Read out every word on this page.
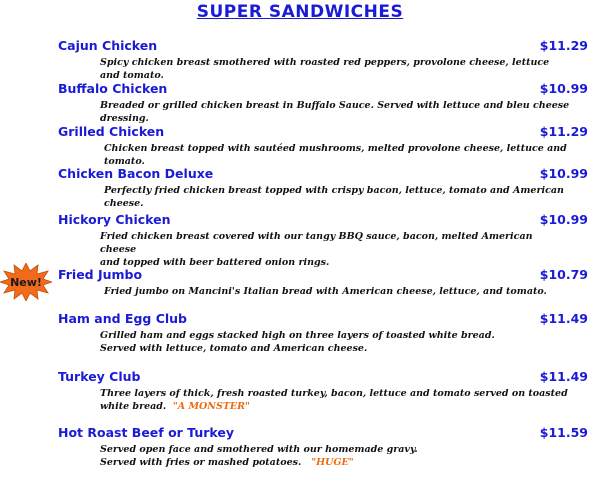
SUPER SANDWICHES
Cajun Chicken	$11.29
Spicy chicken breast smothered with roasted red peppers, provolone cheese, lettuce and tomato.
Buffalo Chicken	$10.99
Breaded or grilled chicken breast in Buffalo Sauce. Served with lettuce and bleu cheese dressing.
Grilled Chicken	$11.29
Chicken breast topped with sautéed mushrooms, melted provolone cheese, lettuce and tomato.
Chicken Bacon Deluxe	$10.99
Perfectly fried chicken breast topped with crispy bacon, lettuce, tomato and American cheese.
Hickory Chicken	$10.99
Fried chicken breast covered with our tangy BBQ sauce, bacon, melted American cheese
and topped with beer battered onion rings.
New!
Fried Jumbo	$10.79
Fried jumbo on Mancini's Italian bread with American cheese, lettuce, and tomato.
Ham and Egg Club	$11.49
Grilled ham and eggs stacked high on three layers of toasted white bread.
Served with lettuce, tomato and American cheese.
Turkey Club	$11.49
Three layers of thick, fresh roasted turkey, bacon, lettuce and tomato served on toasted
white bread. "A MONSTER"
Hot Roast Beef or Turkey	$11.59
Served open face and smothered with our homemade gravy.
Served with fries or mashed potatoes. "HUGE"
